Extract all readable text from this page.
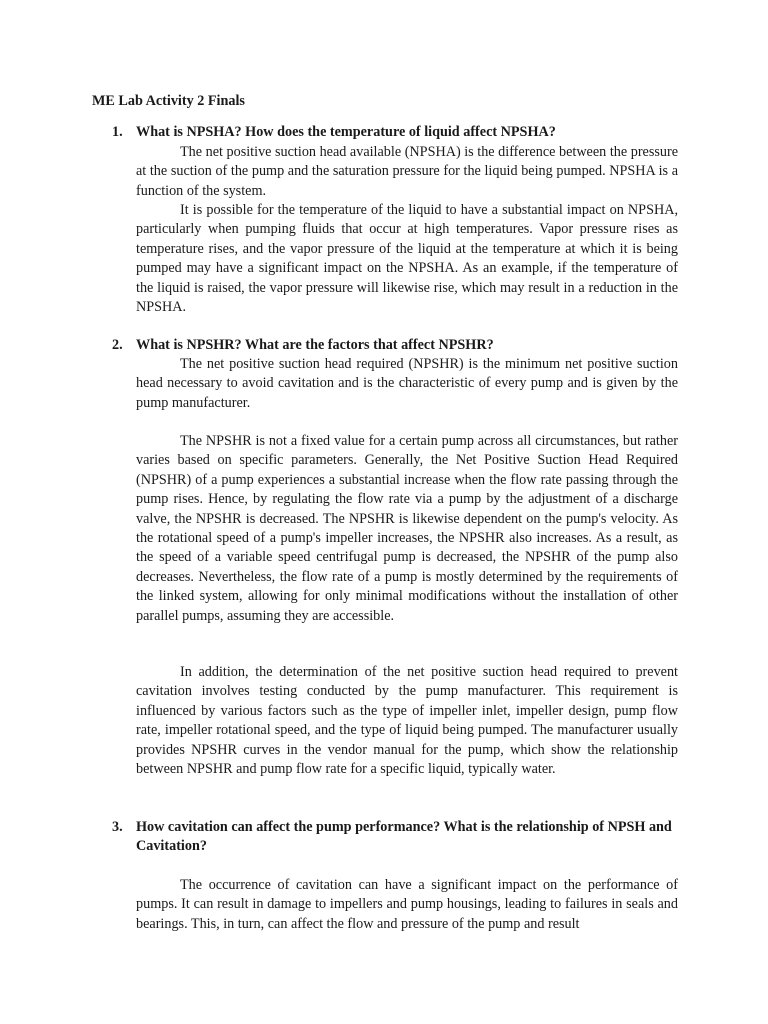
ME Lab Activity 2 Finals
1. What is NPSHA? How does the temperature of liquid affect NPSHA?

The net positive suction head available (NPSHA) is the difference between the pressure at the suction of the pump and the saturation pressure for the liquid being pumped. NPSHA is a function of the system.

It is possible for the temperature of the liquid to have a substantial impact on NPSHA, particularly when pumping fluids that occur at high temperatures. Vapor pressure rises as temperature rises, and the vapor pressure of the liquid at the temperature at which it is being pumped may have a significant impact on the NPSHA. As an example, if the temperature of the liquid is raised, the vapor pressure will likewise rise, which may result in a reduction in the NPSHA.

2. What is NPSHR? What are the factors that affect NPSHR?

The net positive suction head required (NPSHR) is the minimum net positive suction head necessary to avoid cavitation and is the characteristic of every pump and is given by the pump manufacturer.

The NPSHR is not a fixed value for a certain pump across all circumstances, but rather varies based on specific parameters. Generally, the Net Positive Suction Head Required (NPSHR) of a pump experiences a substantial increase when the flow rate passing through the pump rises. Hence, by regulating the flow rate via a pump by the adjustment of a discharge valve, the NPSHR is decreased. The NPSHR is likewise dependent on the pump's velocity. As the rotational speed of a pump's impeller increases, the NPSHR also increases. As a result, as the speed of a variable speed centrifugal pump is decreased, the NPSHR of the pump also decreases. Nevertheless, the flow rate of a pump is mostly determined by the requirements of the linked system, allowing for only minimal modifications without the installation of other parallel pumps, assuming they are accessible.

In addition, the determination of the net positive suction head required to prevent cavitation involves testing conducted by the pump manufacturer. This requirement is influenced by various factors such as the type of impeller inlet, impeller design, pump flow rate, impeller rotational speed, and the type of liquid being pumped. The manufacturer usually provides NPSHR curves in the vendor manual for the pump, which show the relationship between NPSHR and pump flow rate for a specific liquid, typically water.

3. How cavitation can affect the pump performance? What is the relationship of NPSH and Cavitation?

The occurrence of cavitation can have a significant impact on the performance of pumps. It can result in damage to impellers and pump housings, leading to failures in seals and bearings. This, in turn, can affect the flow and pressure of the pump and result
